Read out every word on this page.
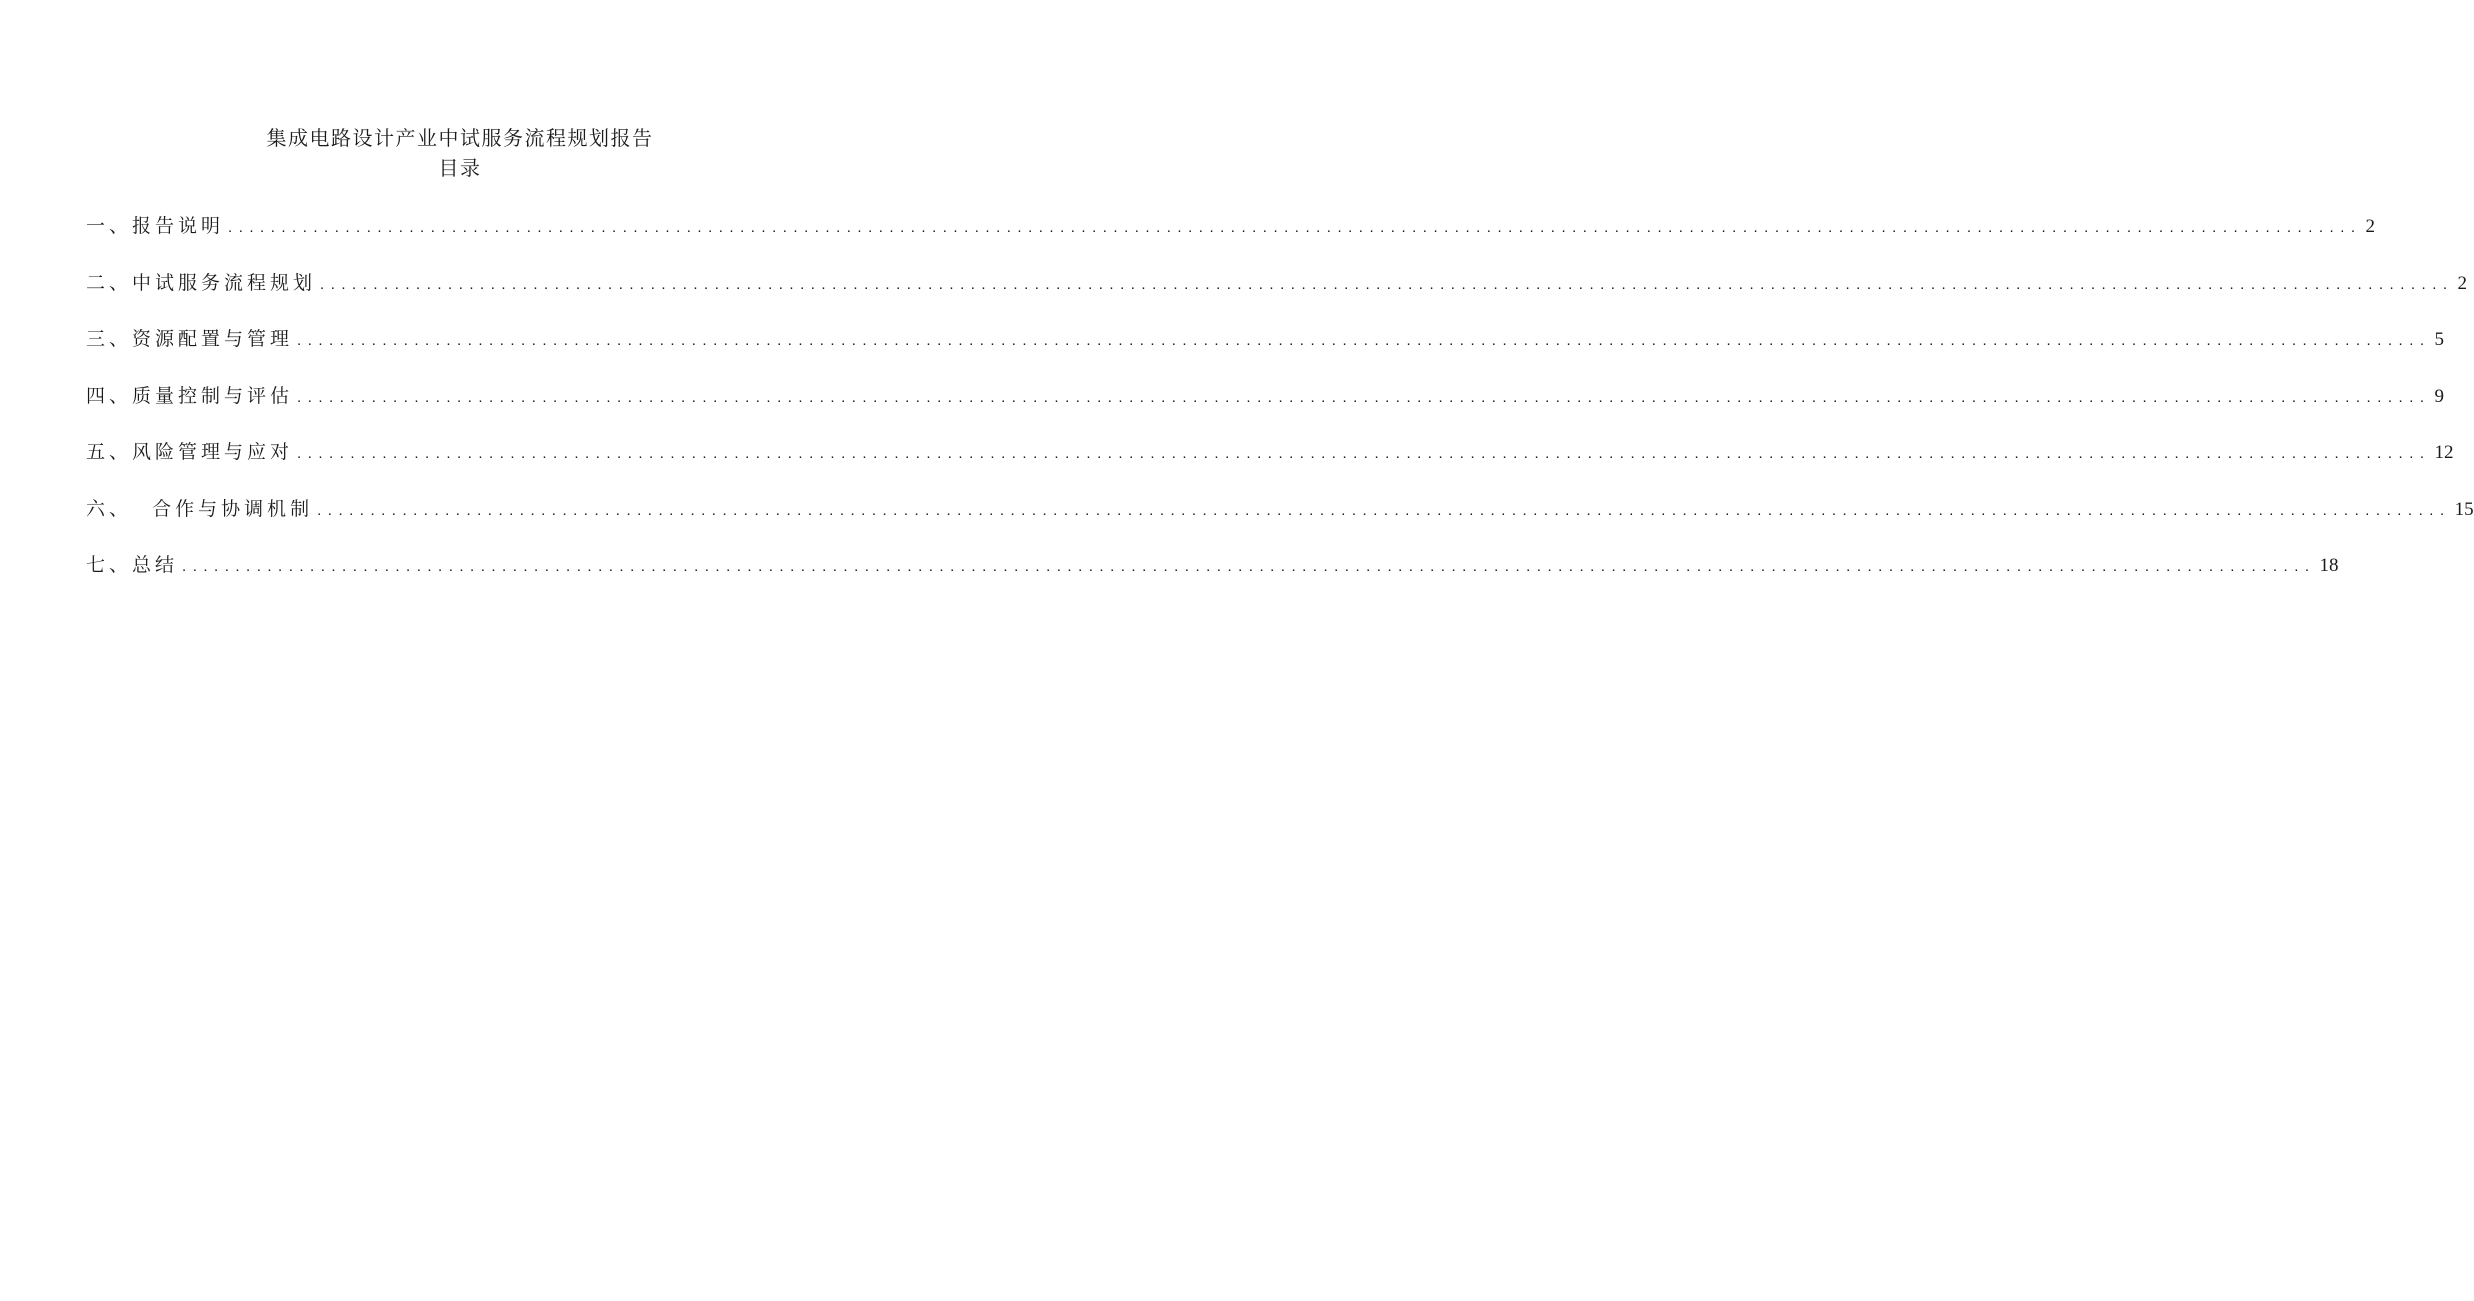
集成电路设计产业中试服务流程规划报告
目录
一、 报告说明 ........................................................................................................................................................................................................ 2
二、 中试服务流程规划 ........................................................................................................................................................................................................ 2
三、 资源配置与管理 ........................................................................................................................................................................................................ 5
四、 质量控制与评估 ........................................................................................................................................................................................................ 9
五、 风险管理与应对 ........................................................................................................................................................................................................ 12
六、 合作与协调机制 ........................................................................................................................................................................................................ 15
七、 总结 ........................................................................................................................................................................................................ 18
